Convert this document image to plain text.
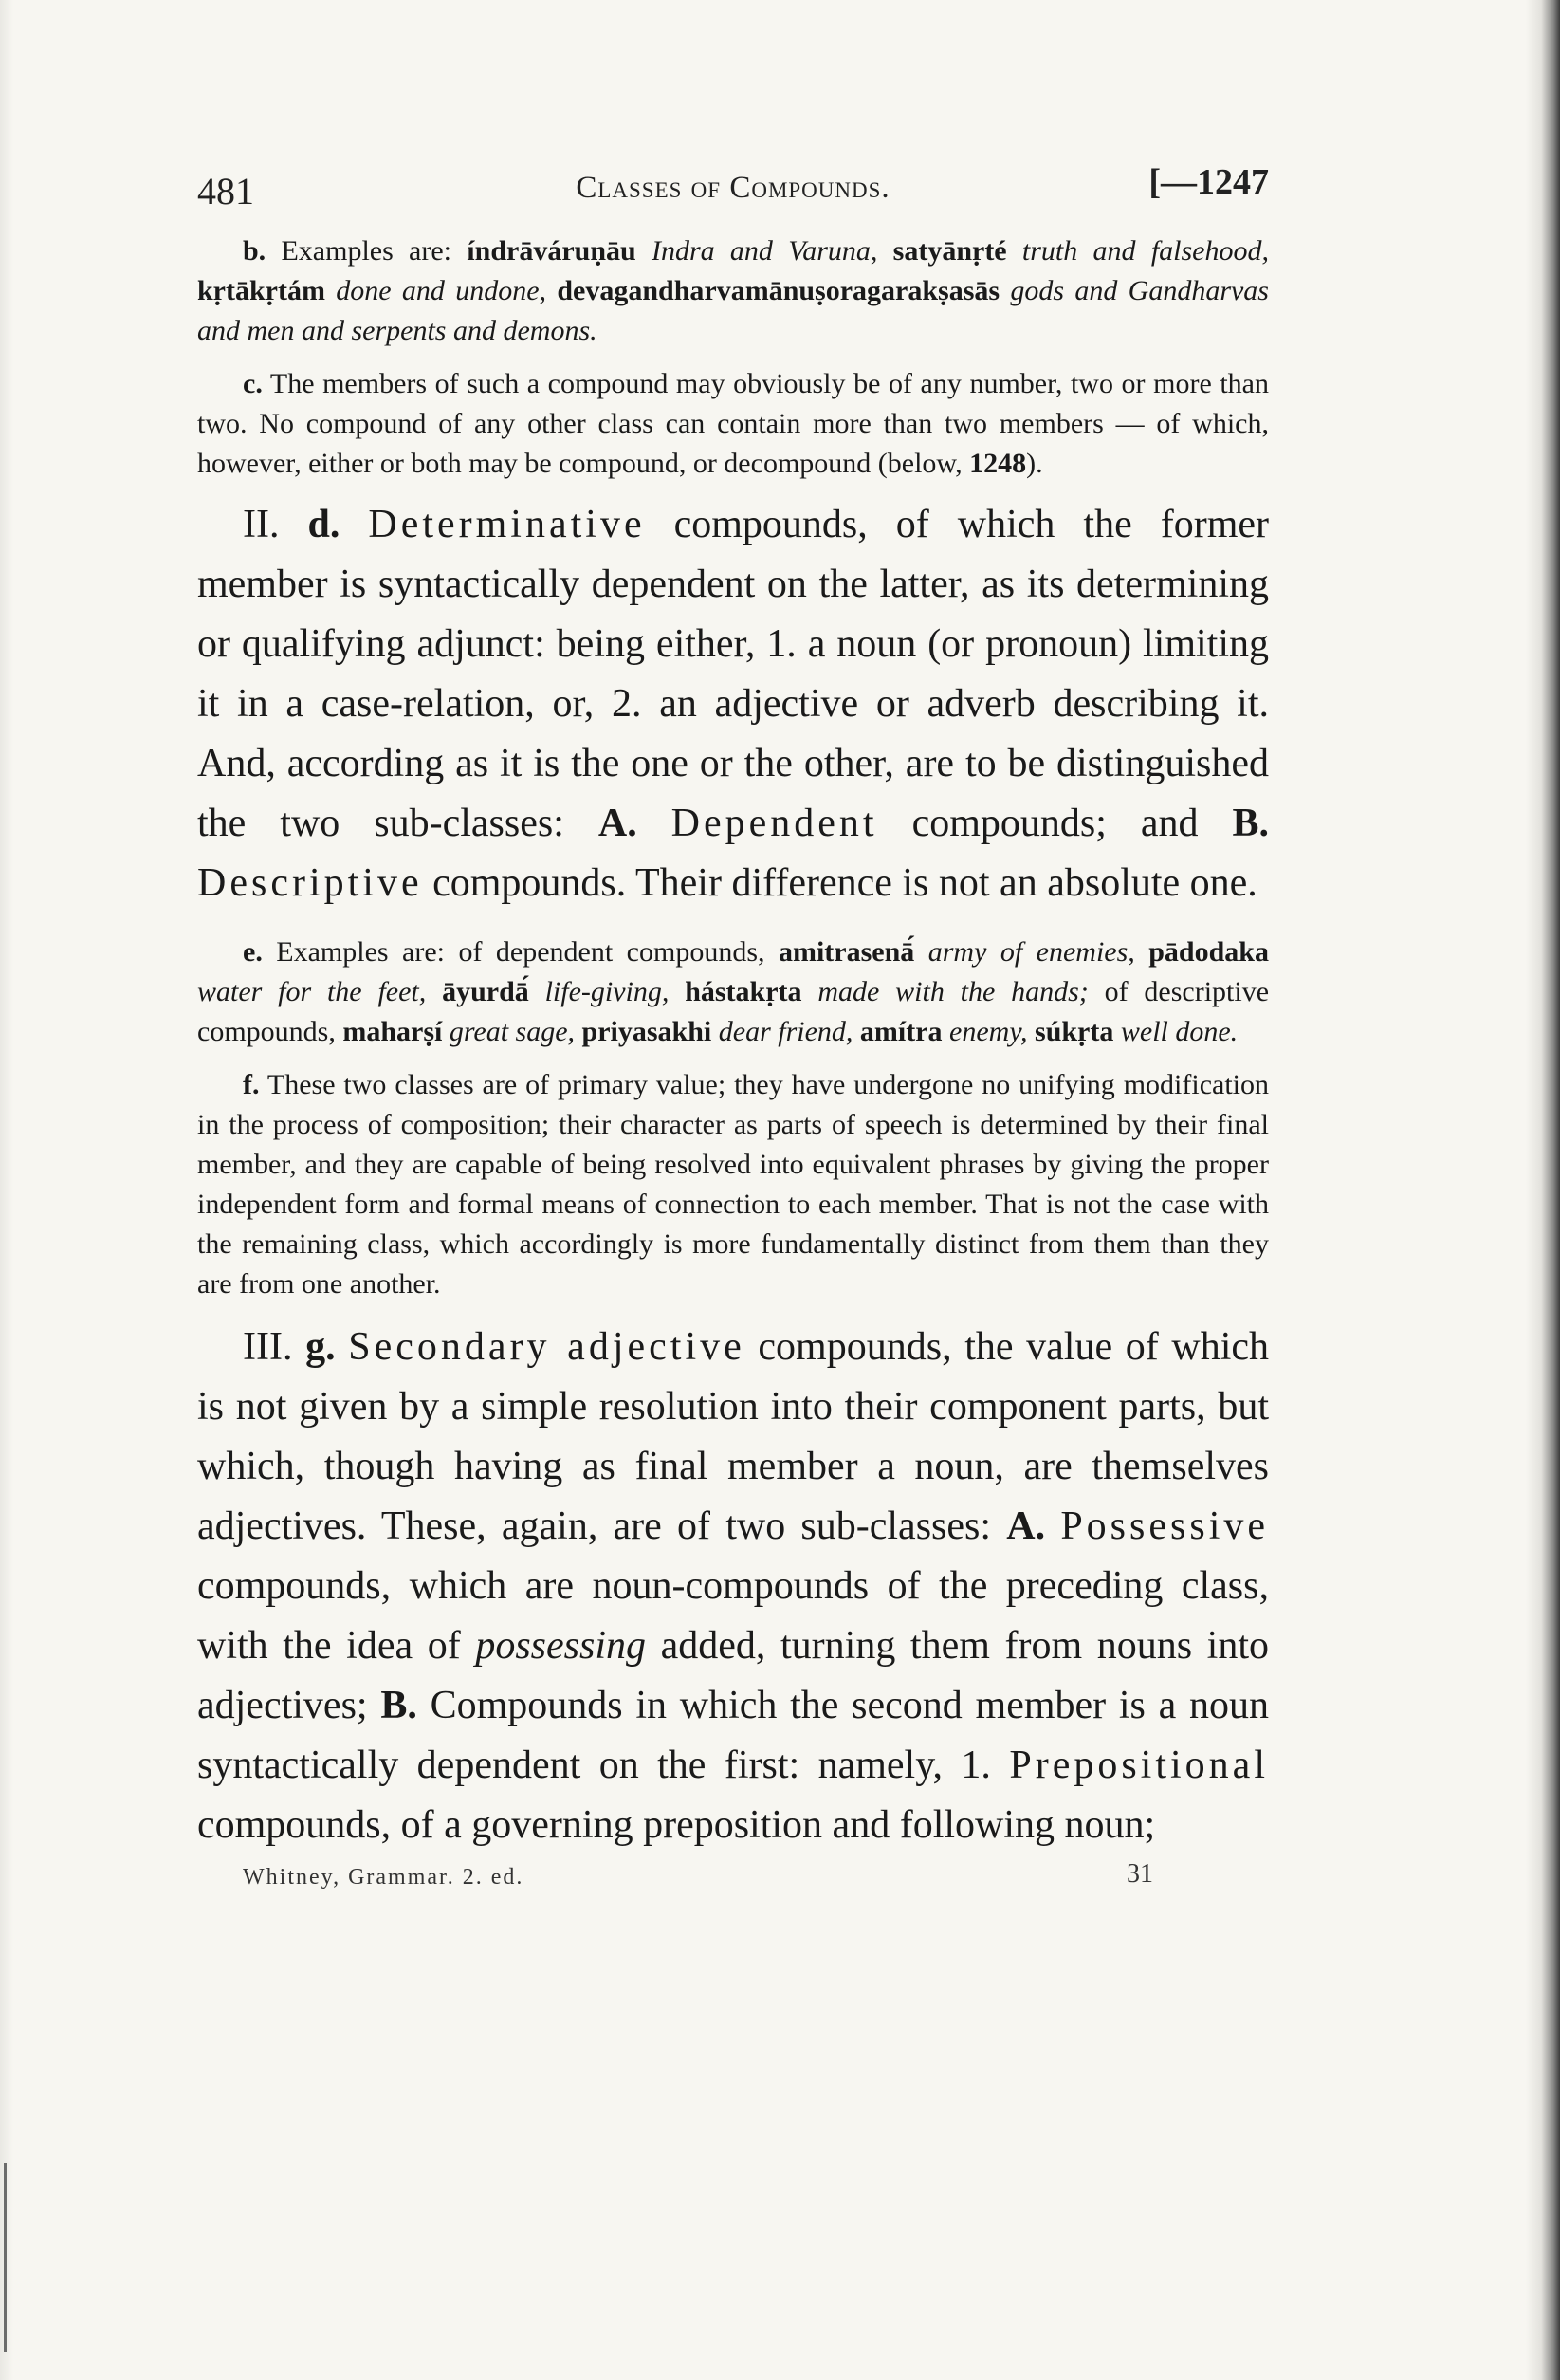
481	Classes of Compounds.	[—1247

b. Examples are: índrāváruṇāu Indra and Varuna, satyānṛté truth and falsehood, kṛtākṛtám done and undone, devagandharvamānuṣoragarakṣasās gods and Gandharvas and men and serpents and demons.

c. The members of such a compound may obviously be of any number, two or more than two. No compound of any other class can contain more than two members — of which, however, either or both may be compound, or decompound (below, 1248).

II. d. Determinative compounds, of which the former member is syntactically dependent on the latter, as its determining or qualifying adjunct: being either, 1. a noun (or pronoun) limiting it in a case-relation, or, 2. an adjective or adverb describing it. And, according as it is the one or the other, are to be distinguished the two sub-classes: A. Dependent compounds; and B. Descriptive compounds. Their difference is not an absolute one.

e. Examples are: of dependent compounds, amitrasenā́ army of enemies, pādodaka water for the feet, āyurdā́ life-giving, hástakṛta made with the hands; of descriptive compounds, maharṣí great sage, priyasakhi dear friend, amítra enemy, súkṛta well done.

f. These two classes are of primary value; they have undergone no unifying modification in the process of composition; their character as parts of speech is determined by their final member, and they are capable of being resolved into equivalent phrases by giving the proper independent form and formal means of connection to each member. That is not the case with the remaining class, which accordingly is more fundamentally distinct from them than they are from one another.

III. g. Secondary adjective compounds, the value of which is not given by a simple resolution into their component parts, but which, though having as final member a noun, are themselves adjectives. These, again, are of two sub-classes: A. Possessive compounds, which are noun-compounds of the preceding class, with the idea of possessing added, turning them from nouns into adjectives; B. Compounds in which the second member is a noun syntactically dependent on the first: namely, 1. Prepositional compounds, of a governing preposition and following noun;

Whitney, Grammar. 2. ed.	31
